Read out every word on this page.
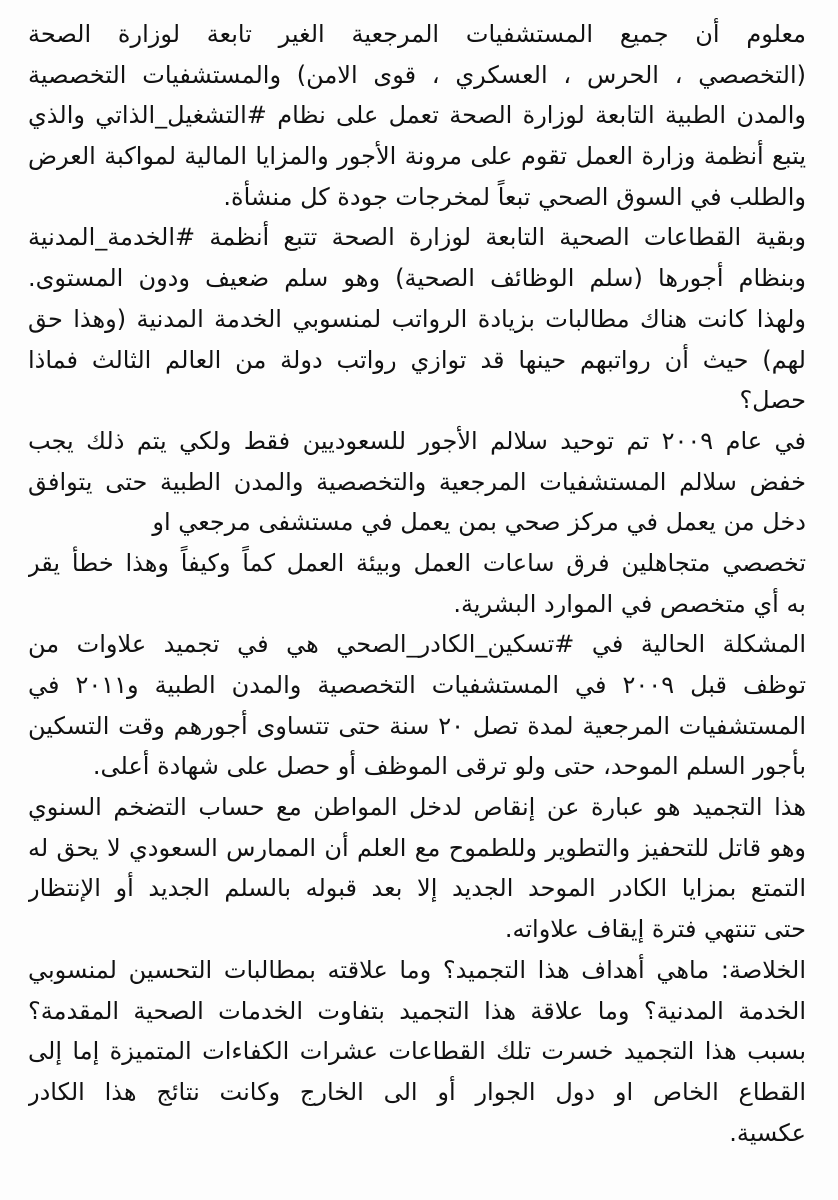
معلوم أن جميع المستشفيات المرجعية الغير تابعة لوزارة الصحة
(التخصصي ، الحرس ، العسكري ، قوى الامن) والمستشفيات التخصصية
والمدن الطبية التابعة لوزارة الصحة تعمل على نظام #التشغيل_الذاتي والذي
يتبع أنظمة وزارة العمل تقوم على مرونة الأجور والمزايا المالية لمواكبة العرض
والطلب في السوق الصحي تبعاً لمخرجات جودة كل منشأة.
وبقية القطاعات الصحية التابعة لوزارة الصحة تتبع أنظمة #الخدمة_المدنية
وبنظام أجورها (سلم الوظائف الصحية) وهو سلم ضعيف ودون المستوى.
ولهذا كانت هناك مطالبات بزيادة الرواتب لمنسوبي الخدمة المدنية (وهذا حق
لهم) حيث أن رواتبهم حينها قد توازي رواتب دولة من العالم الثالث فماذا
حصل؟
في عام ٢٠٠٩ تم توحيد سلالم الأجور للسعوديين فقط ولكي يتم ذلك يجب
خفض سلالم المستشفيات المرجعية والتخصصية والمدن الطبية حتى يتوافق
دخل من يعمل في مركز صحي بمن يعمل في مستشفى مرجعي او
تخصصي متجاهلين فرق ساعات العمل وبيئة العمل كماً وكيفاً وهذا خطأ يقر
به أي متخصص في الموارد البشرية.
المشكلة الحالية في #تسكين_الكادر_الصحي هي في تجميد علاوات من
توظف قبل ٢٠٠٩ في المستشفيات التخصصية والمدن الطبية و٢٠١١ في
المستشفيات المرجعية لمدة تصل ٢٠ سنة حتى تتساوى أجورهم وقت التسكين
بأجور السلم الموحد، حتى ولو ترقى الموظف أو حصل على شهادة أعلى.
هذا التجميد هو عبارة عن إنقاص لدخل المواطن مع حساب التضخم السنوي
وهو قاتل للتحفيز والتطوير وللطموح مع العلم أن الممارس السعودي لا يحق له
التمتع بمزايا الكادر الموحد الجديد إلا بعد قبوله بالسلم الجديد أو الإنتظار
حتى تنتهي فترة إيقاف علاواته.
الخلاصة: ماهي أهداف هذا التجميد؟ وما علاقته بمطالبات التحسين لمنسوبي
الخدمة المدنية؟ وما علاقة هذا التجميد بتفاوت الخدمات الصحية المقدمة؟
بسبب هذا التجميد خسرت تلك القطاعات عشرات الكفاءات المتميزة إما إلى
القطاع الخاص او دول الجوار أو الى الخارج وكانت نتائج هذا الكادر
عكسية.
